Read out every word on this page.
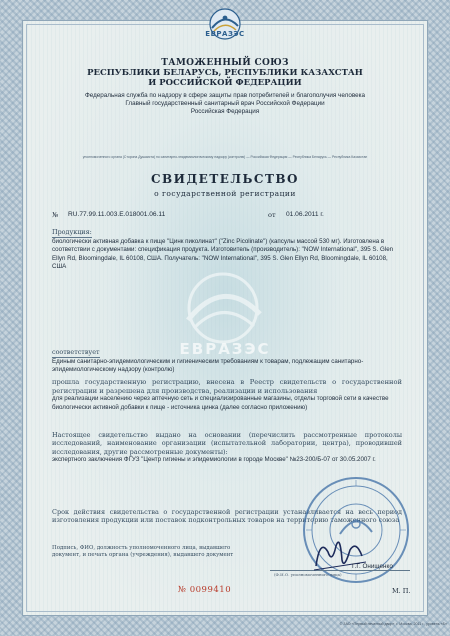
ЕВРАЗЭС
ТАМОЖЕННЫЙ СОЮЗ
РЕСПУБЛИКИ БЕЛАРУСЬ, РЕСПУБЛИКИ КАЗАХСТАН
И РОССИЙСКОЙ ФЕДЕРАЦИИ
Федеральная служба по надзору в сфере защиты прав потребителей и благополучия человека
Главный государственный санитарный врач Российской Федерации
Российская Федерация
уполномоченного органа (Сторона Душаиста) по санитарно-эпидемиологическому надзору (контролю) — Российская Федерация — Республика Беларусь — Республика Казахстан
СВИДЕТЕЛЬСТВО
о государственной регистрации
№ RU.77.99.11.003.Е.018001.06.11	от 01.06.2011 г.
Продукция:
биологически активная добавка к пище "Цинк пиколинат" ("Zinc Picolinate") (капсулы массой 530 мг). Изготовлена в соответствии с документами: спецификация продукта. Изготовитель (производитель): "NOW International", 395 S. Glen Ellyn Rd, Bloomingdale, IL 60108, США. Получатель: "NOW International", 395 S. Glen Ellyn Rd, Bloomingdale, IL 60108, США
ЕВРАЗЭС
соответствует
Единым санитарно-эпидемиологическим и гигиеническим требованиям к товарам, подлежащим санитарно-эпидемиологическому надзору (контролю)
прошла государственную регистрацию, внесена в Реестр свидетельств о государственной регистрации и разрешена для производства, реализации и использования
для реализации населению через аптечную сеть и специализированные магазины, отделы торговой сети в качестве биологически активной добавки к пище - источника цинка (далее согласно приложению)
Настоящее свидетельство выдано на основании (перечислить рассмотренные протоколы исследований, наименование организации (испытательной лаборатории, центра), проводившей исследования, другие рассмотренные документы):
экспертного заключения ФГУЗ "Центр гигиены и эпидемиологии в городе Москве" №23-200/Б-07 от 30.05.2007 г.
Срок действия свидетельства о государственной регистрации устанавливается на весь период изготовления продукции или поставок подконтрольных товаров на территорию таможенного союза
Подпись, ФИО, должность уполномоченного лица, выдавшего документ, и печать органа (учреждения), выдавшего документ
Г.Г. Онищенко
(Ф.И.О. уполномоченного лица)
№ 0099410	М. П.
© ЗАО «Первый печатный двор», г. Москва, 2011 г., уровень «Б»
